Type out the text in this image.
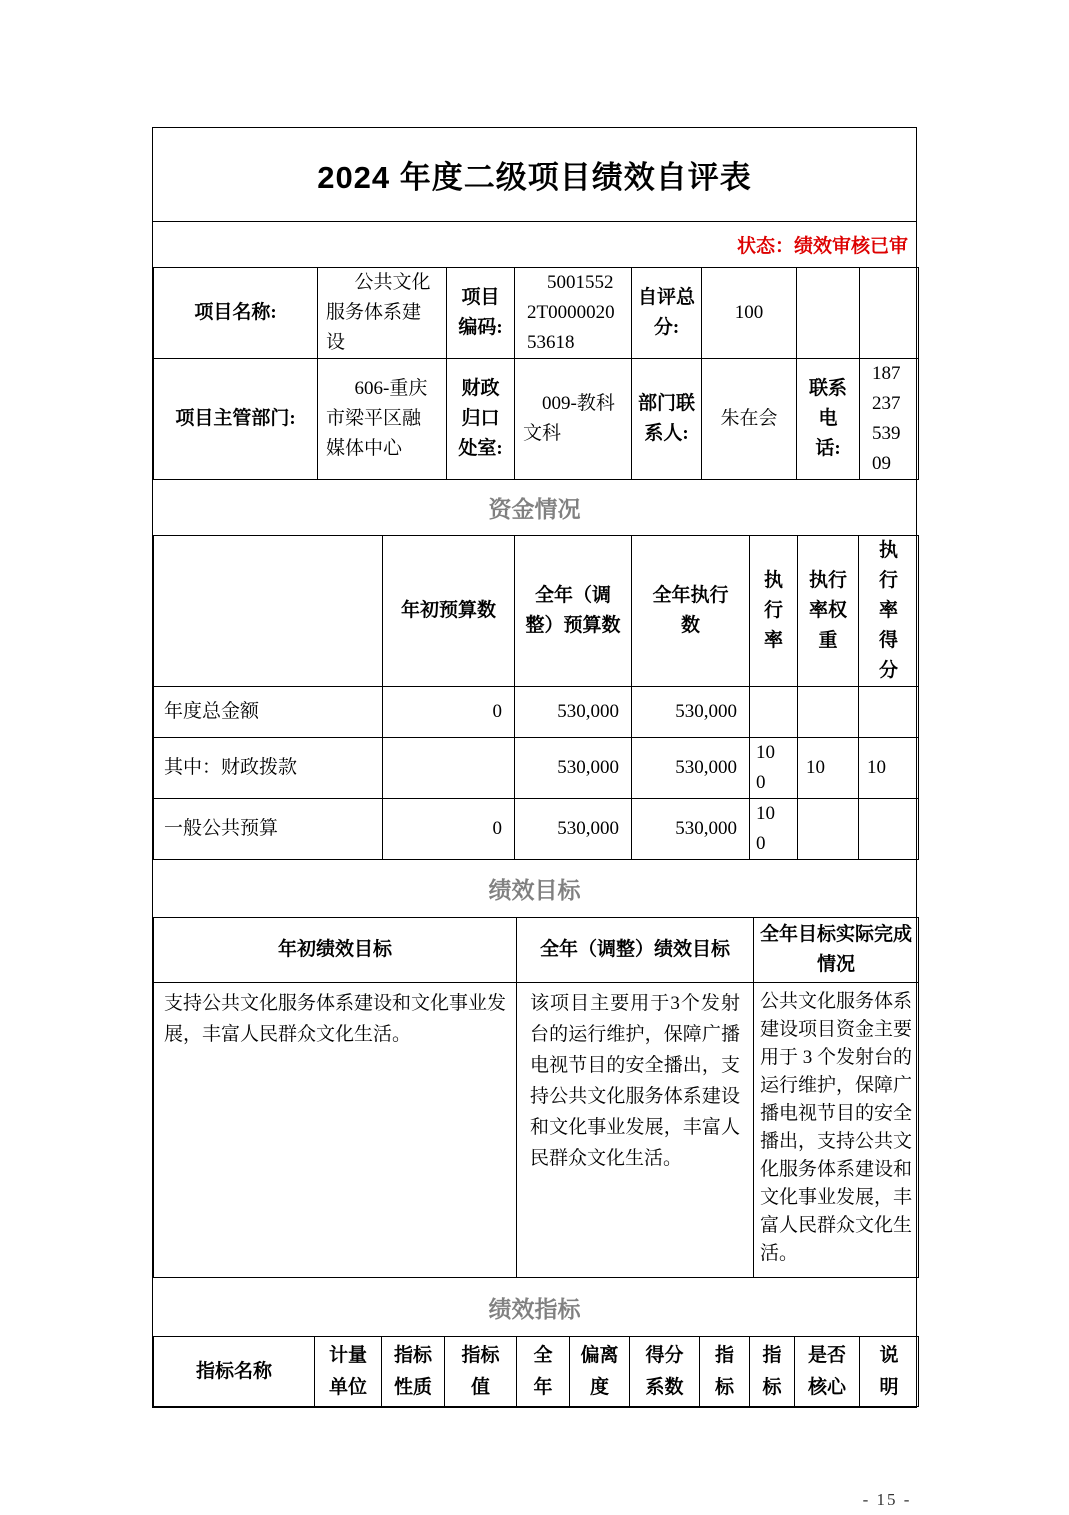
2024 年度二级项目绩效自评表
状态：绩效审核已审
项目名称:	公共文化服务体系建设	项目编码:	50015522T000002053618	自评总分:	100		
项目主管部门:	606-重庆市梁平区融媒体中心	财政归口处室:	009-教科文科	部门联系人:	朱在会	联系电话:	18723753909
资金情况
	年初预算数	全年（调整）预算数	全年执行数	执行率	执行率权重	执行率得分
年度总金额	0	530,000	530,000			
其中：财政拨款		530,000	530,000	100	10	10
一般公共预算	0	530,000	530,000	100		
绩效目标
年初绩效目标	全年（调整）绩效目标	全年目标实际完成情况
支持公共文化服务体系建设和文化事业发展，丰富人民群众文化生活。	该项目主要用于3个发射台的运行维护，保障广播电视节目的安全播出，支持公共文化服务体系建设和文化事业发展，丰富人民群众文化生活。	公共文化服务体系建设项目资金主要用于 3 个发射台的运行维护，保障广播电视节目的安全播出，支持公共文化服务体系建设和文化事业发展，丰富人民群众文化生活。
绩效指标
指标名称	计量单位	指标性质	指标值	全年	偏离度	得分系数	指标	指标	是否核心	说明
- 15 -
